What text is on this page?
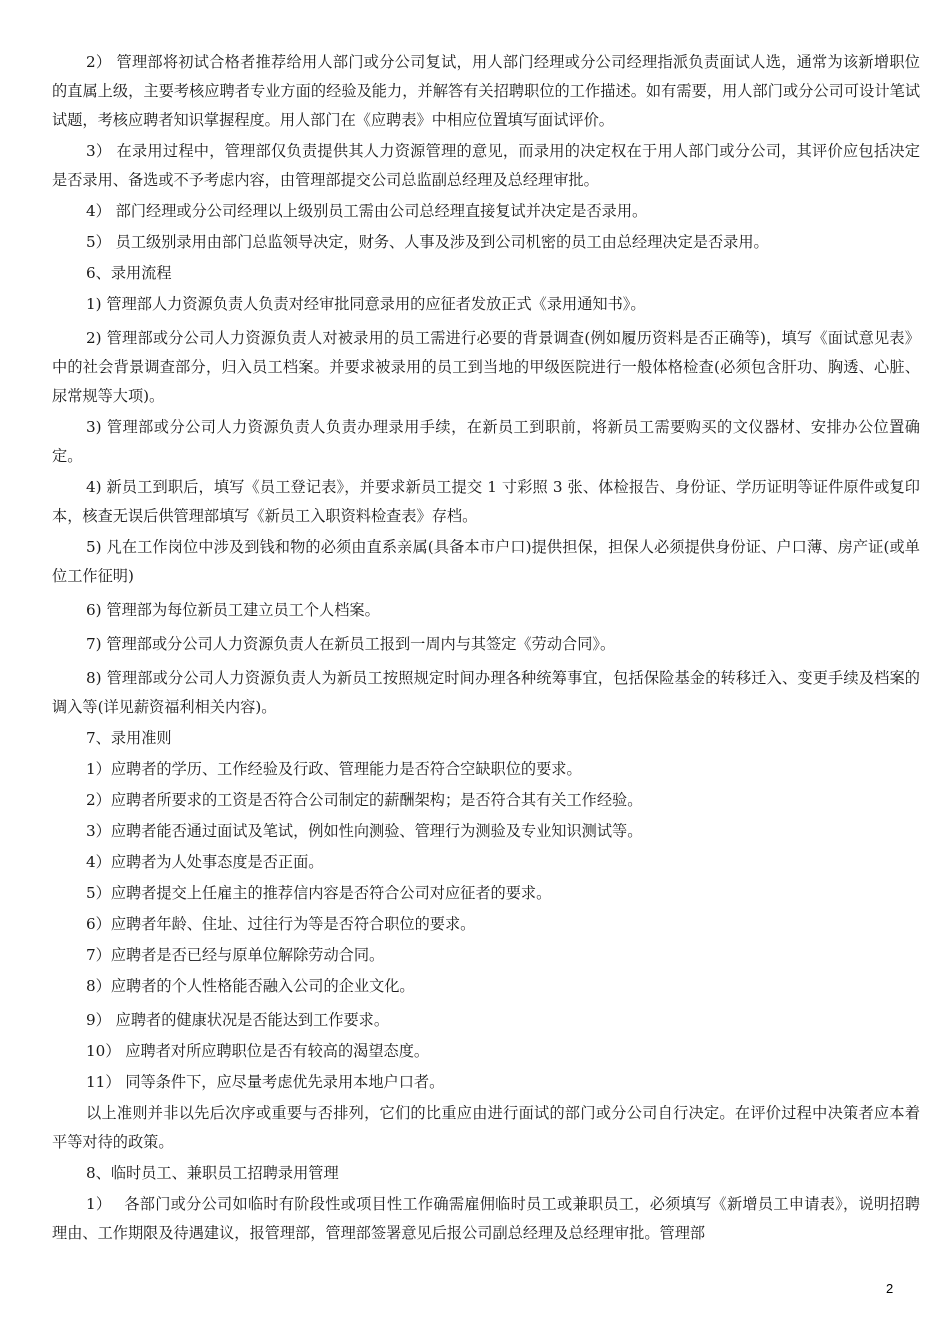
2） 管理部将初试合格者推荐给用人部门或分公司复试，用人部门经理或分公司经理指派负责面试人选，通常为该新增职位的直属上级，主要考核应聘者专业方面的经验及能力，并解答有关招聘职位的工作描述。如有需要，用人部门或分公司可设计笔试试题，考核应聘者知识掌握程度。用人部门在《应聘表》中相应位置填写面试评价。

3） 在录用过程中，管理部仅负责提供其人力资源管理的意见，而录用的决定权在于用人部门或分公司，其评价应包括决定是否录用、备选或不予考虑内容，由管理部提交公司总监副总经理及总经理审批。

4） 部门经理或分公司经理以上级别员工需由公司总经理直接复试并决定是否录用。

5） 员工级别录用由部门总监领导决定，财务、人事及涉及到公司机密的员工由总经理决定是否录用。

6、录用流程

1) 管理部人力资源负责人负责对经审批同意录用的应征者发放正式《录用通知书》。

2) 管理部或分公司人力资源负责人对被录用的员工需进行必要的背景调查(例如履历资料是否正确等)，填写《面试意见表》中的社会背景调查部分，归入员工档案。并要求被录用的员工到当地的甲级医院进行一般体格检查(必须包含肝功、胸透、心脏、尿常规等大项)。

3) 管理部或分公司人力资源负责人负责办理录用手续，在新员工到职前，将新员工需要购买的文仪器材、安排办公位置确定。

4) 新员工到职后，填写《员工登记表》，并要求新员工提交 1 寸彩照 3 张、体检报告、身份证、学历证明等证件原件或复印本，核查无误后供管理部填写《新员工入职资料检查表》存档。

5) 凡在工作岗位中涉及到钱和物的必须由直系亲属(具备本市户口)提供担保，担保人必须提供身份证、户口薄、房产证(或单位工作征明)

6) 管理部为每位新员工建立员工个人档案。

7) 管理部或分公司人力资源负责人在新员工报到一周内与其签定《劳动合同》。

8) 管理部或分公司人力资源负责人为新员工按照规定时间办理各种统筹事宜，包括保险基金的转移迁入、变更手续及档案的调入等(详见薪资福利相关内容)。

7、录用准则

1）应聘者的学历、工作经验及行政、管理能力是否符合空缺职位的要求。

2）应聘者所要求的工资是否符合公司制定的薪酬架构；是否符合其有关工作经验。

3）应聘者能否通过面试及笔试，例如性向测验、管理行为测验及专业知识测试等。

4）应聘者为人处事态度是否正面。

5）应聘者提交上任雇主的推荐信内容是否符合公司对应征者的要求。

6）应聘者年龄、住址、过往行为等是否符合职位的要求。

7）应聘者是否已经与原单位解除劳动合同。

8）应聘者的个人性格能否融入公司的企业文化。

9） 应聘者的健康状况是否能达到工作要求。

10） 应聘者对所应聘职位是否有较高的渴望态度。

11） 同等条件下，应尽量考虑优先录用本地户口者。

以上准则并非以先后次序或重要与否排列，它们的比重应由进行面试的部门或分公司自行决定。在评价过程中决策者应本着平等对待的政策。

8、临时员工、兼职员工招聘录用管理

1）　 各部门或分公司如临时有阶段性或项目性工作确需雇佣临时员工或兼职员工，必须填写《新增员工申请表》，说明招聘理由、工作期限及待遇建议，报管理部，管理部签署意见后报公司副总经理及总经理审批。管理部

2
